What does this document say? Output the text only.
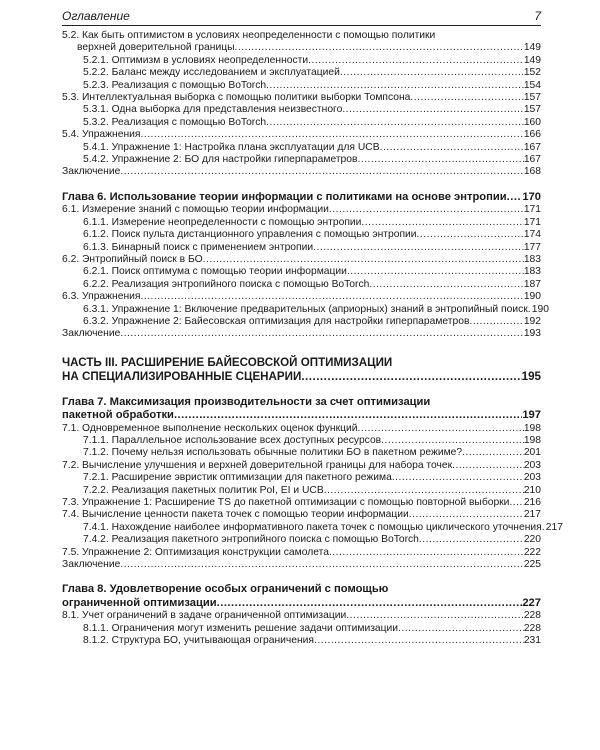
Оглавление	7
5.2. Как быть оптимистом в условиях неопределенности с помощью политики
верхней доверительной границы .....	149
5.2.1. Оптимизм в условиях неопределенности .....	149
5.2.2. Баланс между исследованием и эксплуатацией .....	152
5.2.3. Реализация с помощью BoTorch .....	154
5.3. Интеллектуальная выборка с помощью политики выборки Томпсона .....	157
5.3.1. Одна выборка для представления неизвестного .....	157
5.3.2. Реализация с помощью BoTorch .....	160
5.4. Упражнения .....	166
5.4.1. Упражнение 1: Настройка плана эксплуатации для UCB .....	167
5.4.2. Упражнение 2: БО для настройки гиперпараметров .....	167
Заключение .....	168
Глава 6. Использование теории информации с политиками на основе энтропии ..... 170
6.1. Измерение знаний с помощью теории информации .....	171
6.1.1. Измерение неопределенности с помощью энтропии .....	171
6.1.2. Поиск пульта дистанционного управления с помощью энтропии .....	174
6.1.3. Бинарный поиск с применением энтропии .....	177
6.2. Энтропийный поиск в БО .....	183
6.2.1. Поиск оптимума с помощью теории информации .....	183
6.2.2. Реализация энтропийного поиска с помощью BoTorch .....	187
6.3. Упражнения .....	190
6.3.1. Упражнение 1: Включение предварительных (априорных) знаний в энтропийный поиск ..... 190
6.3.2. Упражнение 2: Байесовская оптимизация для настройки гиперпараметров .....	192
Заключение .....	193
ЧАСТЬ III. РАСШИРЕНИЕ БАЙЕСОВСКОЙ ОПТИМИЗАЦИИ
НА СПЕЦИАЛИЗИРОВАННЫЕ СЦЕНАРИИ .....	195
Глава 7. Максимизация производительности за счет оптимизации
пакетной обработки .....	197
7.1. Одновременное выполнение нескольких оценок функций .....	198
7.1.1. Параллельное использование всех доступных ресурсов .....	198
7.1.2. Почему нельзя использовать обычные политики БО в пакетном режиме? .....	201
7.2. Вычисление улучшения и верхней доверительной границы для набора точек .....	203
7.2.1. Расширение эвристик оптимизации для пакетного режима .....	203
7.2.2. Реализация пакетных политик PoI, EI и UCB .....	210
7.3. Упражнение 1: Расширение TS до пакетной оптимизации с помощью повторной выборки ..... 216
7.4. Вычисление ценности пакета точек с помощью теории информации .....	217
7.4.1. Нахождение наиболее информативного пакета точек с помощью циклического уточнения ..... 217
7.4.2. Реализация пакетного энтропийного поиска с помощью BoTorch .....	220
7.5. Упражнение 2: Оптимизация конструкции самолета .....	222
Заключение .....	225
Глава 8. Удовлетворение особых ограничений с помощью
ограниченной оптимизации .....	227
8.1. Учет ограничений в задаче ограниченной оптимизации .....	228
8.1.1. Ограничения могут изменить решение задачи оптимизации .....	228
8.1.2. Структура БО, учитывающая ограничения .....	231
